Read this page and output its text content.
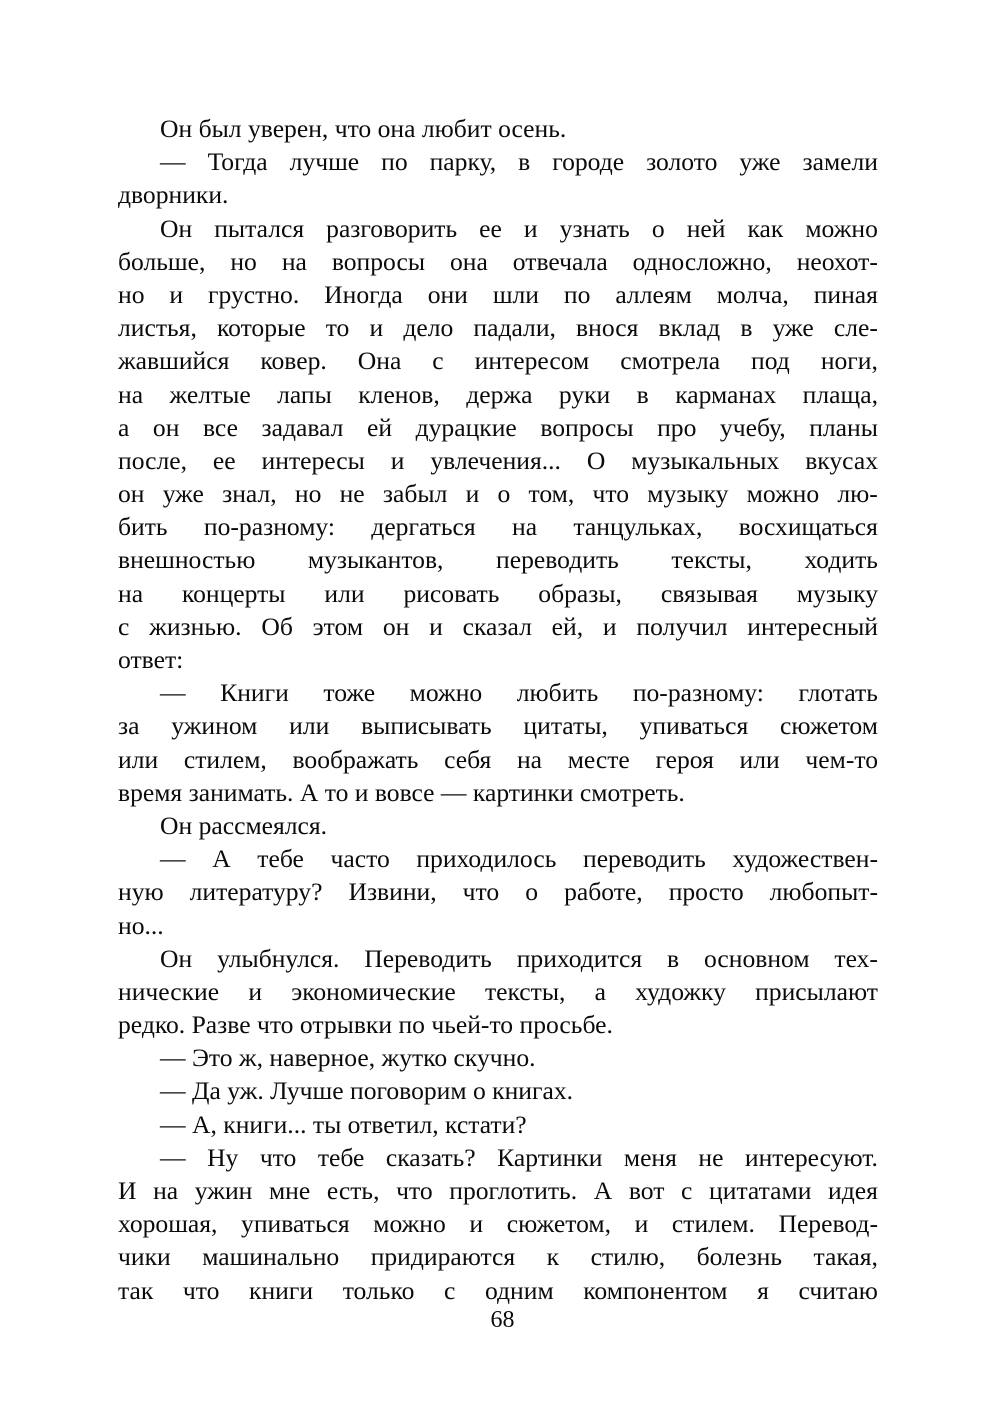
Он был уверен, что она любит осень.
— Тогда лучше по парку, в городе золото уже замели
дворники.
Он пытался разговорить ее и узнать о ней как можно
больше, но на вопросы она отвечала односложно, неохот-
но и грустно. Иногда они шли по аллеям молча, пиная
листья, которые то и дело падали, внося вклад в уже сле-
жавшийся ковер. Она с интересом смотрела под ноги,
на желтые лапы кленов, держа руки в карманах плаща,
а он все задавал ей дурацкие вопросы про учебу, планы
после, ее интересы и увлечения... О музыкальных вкусах
он уже знал, но не забыл и о том, что музыку можно лю-
бить по-разному: дергаться на танцульках, восхищаться
внешностью музыкантов, переводить тексты, ходить
на концерты или рисовать образы, связывая музыку
с жизнью. Об этом он и сказал ей, и получил интересный
ответ:
— Книги тоже можно любить по-разному: глотать
за ужином или выписывать цитаты, упиваться сюжетом
или стилем, воображать себя на месте героя или чем-то
время занимать. А то и вовсе — картинки смотреть.
Он рассмеялся.
— А тебе часто приходилось переводить художествен-
ную литературу? Извини, что о работе, просто любопыт-
но...
Он улыбнулся. Переводить приходится в основном тех-
нические и экономические тексты, а художку присылают
редко. Разве что отрывки по чьей-то просьбе.
— Это ж, наверное, жутко скучно.
— Да уж. Лучше поговорим о книгах.
— А, книги... ты ответил, кстати?
— Ну что тебе сказать? Картинки меня не интересуют.
И на ужин мне есть, что проглотить. А вот с цитатами идея
хорошая, упиваться можно и сюжетом, и стилем. Перевод-
чики машинально придираются к стилю, болезнь такая,
так что книги только с одним компонентом я считаю
68
